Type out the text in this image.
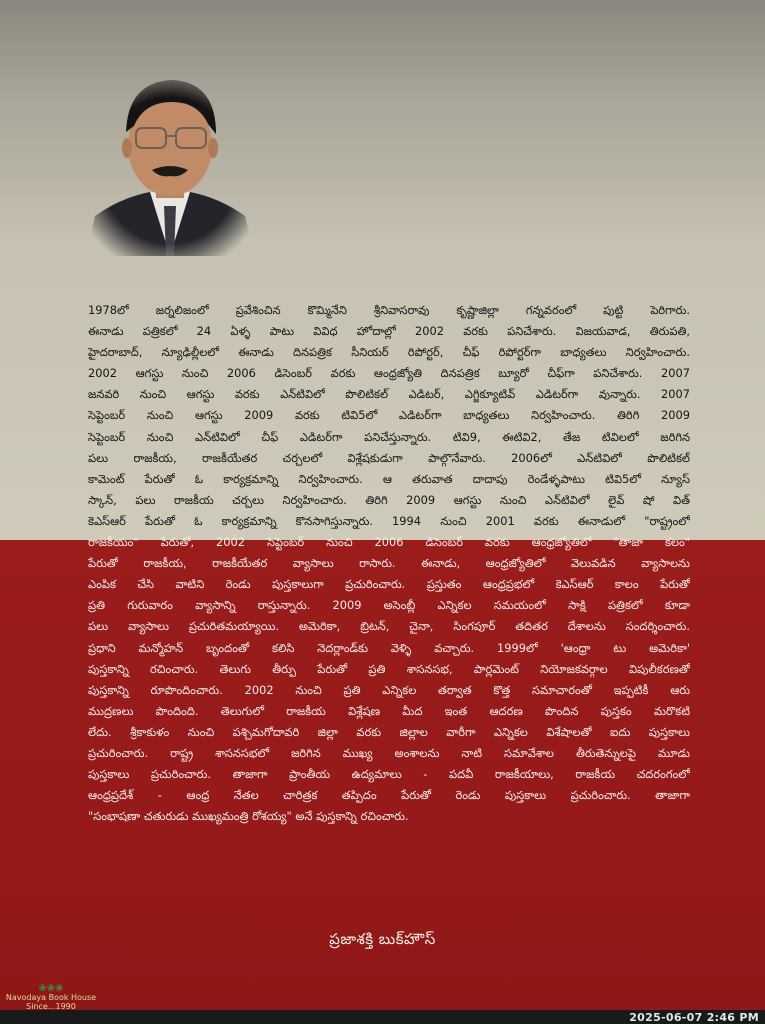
1978లో జర్నలిజంలో ప్రవేశించిన కొమ్మినేని శ్రీనివాసరావు కృష్ణాజిల్లా గన్నవరంలో పుట్టి పెరిగారు.
ఈనాడు పత్రికలో 24 ఏళ్ళ పాటు వివిధ హోదాల్లో 2002 వరకు పనిచేశారు. విజయవాడ, తిరుపతి,
హైదరాబాద్, న్యూఢిల్లీలలో ఈనాడు దినపత్రిక సీనియర్ రిపోర్టర్, చీఫ్ రిపోర్టర్‌గా బాధ్యతలు నిర్వహించారు.
2002 ఆగస్టు నుంచి 2006 డిసెంబర్ వరకు ఆంధ్రజ్యోతి దినపత్రిక బ్యూరో చీఫ్‌గా పనిచేశారు. 2007
జనవరి నుంచి ఆగస్టు వరకు ఎన్‌టివిలో పొలిటికల్ ఎడిటర్, ఎగ్జిక్యూటివ్ ఎడిటర్‌గా వున్నారు. 2007
సెప్టెంబర్ నుంచి ఆగస్టు 2009 వరకు టివి5లో ఎడిటర్‌గా బాధ్యతలు నిర్వహించారు. తిరిగి 2009
సెప్టెంబర్ నుంచి ఎన్‌టివిలో చీఫ్ ఎడిటర్‌గా పనిచేస్తున్నారు. టివి9, ఈటివి2, తేజ టివిలలో జరిగిన
పలు రాజకీయ, రాజకీయేతర చర్చలలో విశ్లేషకుడుగా పాల్గొనేవారు. 2006లో ఎన్‌టివిలో పొలిటికల్
కామెంట్ పేరుతో ఓ కార్యక్రమాన్ని నిర్వహించారు. ఆ తరువాత దాదాపు రెండేళ్ళపాటు టివి5లో న్యూస్
స్కాన్, పలు రాజకీయ చర్చలు నిర్వహించారు. తిరిగి 2009 ఆగస్టు నుంచి ఎన్‌టివిలో లైవ్ షో విత్
కెఎస్ఆర్ పేరుతో ఓ కార్యక్రమాన్ని కొనసాగిస్తున్నారు. 1994 నుంచి 2001 వరకు ఈనాడులో "రాష్ట్రంలో
రాజకీయం" పేరుతో, 2002 సెప్టెంబర్ నుంచి 2006 డిసెంబర్ వరకు ఆంధ్రజ్యోతిలో "తాజా కలం"
పేరుతో రాజకీయ, రాజకీయేతర వ్యాసాలు రాసారు. ఈనాడు, ఆంధ్రజ్యోతిలో వెలువడిన వ్యాసాలను
ఎంపిక చేసి వాటిని రెండు పుస్తకాలుగా ప్రచురించారు. ప్రస్తుతం ఆంధ్రప్రభలో కెఎస్ఆర్ కాలం పేరుతో
ప్రతి గురువారం వ్యాసాన్ని రాస్తున్నారు. 2009 అసెంబ్లీ ఎన్నికల సమయంలో సాక్షి పత్రికలో కూడా
పలు వ్యాసాలు ప్రచురితమయ్యాయి. అమెరికా, బ్రిటన్, చైనా, సింగపూర్ తదితర దేశాలను సందర్శించారు.
ప్రధాని మన్మోహన్ బృందంతో కలిసి నెదర్లాండ్‌కు వెళ్ళి వచ్చారు. 1999లో 'ఆంధ్రా టు అమెరికా'
పుస్తకాన్ని రచించారు. తెలుగు తీర్పు పేరుతో ప్రతి శాసనసభ, పార్లమెంట్ నియోజకవర్గాల విపులీకరణతో
పుస్తకాన్ని రూపొందించారు. 2002 నుంచి ప్రతి ఎన్నికల తర్వాత కొత్త సమాచారంతో ఇప్పటికీ ఆరు
ముద్రణలు పొందింది. తెలుగులో రాజకీయ విశ్లేషణ మీద ఇంత ఆదరణ పొందిన పుస్తకం మరొకటి
లేదు. శ్రీకాకుళం నుంచి పశ్చిమగోదావరి జిల్లా వరకు జిల్లాల వారీగా ఎన్నికల విశేషాలతో ఐదు పుస్తకాలు
ప్రచురించారు. రాష్ట్ర శాసనసభలో జరిగిన ముఖ్య అంశాలను నాటి సమావేశాల తీరుతెన్నులపై మూడు
పుస్తకాలు ప్రచురించారు. తాజాగా ప్రాంతీయ ఉద్యమాలు - పదవీ రాజకీయాలు, రాజకీయ చదరంగంలో
ఆంధ్రప్రదేశ్ - ఆంధ్ర నేతల చారిత్రక తప్పిదం పేరుతో రెండు పుస్తకాలు ప్రచురించారు. తాజాగా
"సంభాషణా చతురుడు ముఖ్యమంత్రి రోశయ్య" అనే పుస్తకాన్ని రచించారు.
ప్రజాశక్తి బుక్‌హౌస్
❀❀❀
Navodaya Book House
Since...1990
2025-06-07 2:46 PM
